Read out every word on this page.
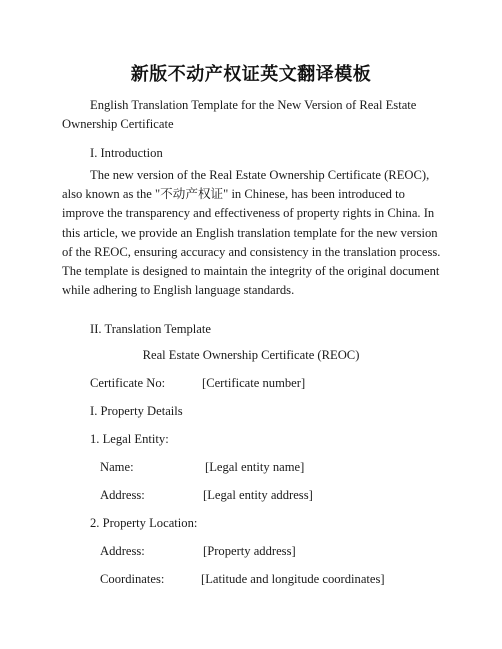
新版不动产权证英文翻译模板

English Translation Template for the New Version of Real Estate Ownership Certificate

I. Introduction

The new version of the Real Estate Ownership Certificate (REOC), also known as the "不动产权证" in Chinese, has been introduced to improve the transparency and effectiveness of property rights in China. In this article, we provide an English translation template for the new version of the REOC, ensuring accuracy and consistency in the translation process. The template is designed to maintain the integrity of the original document while adhering to English language standards.

II. Translation Template

Real Estate Ownership Certificate (REOC)
Certificate No:	[Certificate number]
I. Property Details
1. Legal Entity:
Name:	[Legal entity name]
Address:	[Legal entity address]
2. Property Location:
Address:	[Property address]
Coordinates:	[Latitude and longitude coordinates]
